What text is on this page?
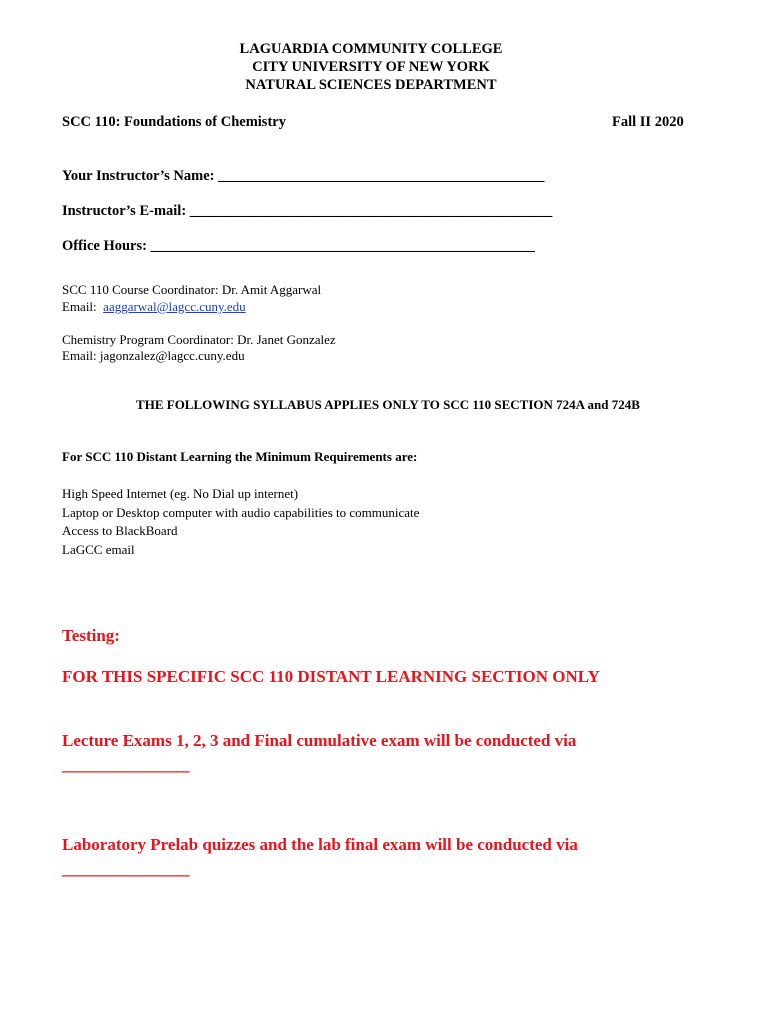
LAGUARDIA COMMUNITY COLLEGE
CITY UNIVERSITY OF NEW YORK
NATURAL SCIENCES DEPARTMENT
SCC 110: Foundations of Chemistry	Fall II 2020
Your Instructor’s Name: _____________________________________________
Instructor’s E-mail: __________________________________________________
Office Hours: _____________________________________________________
SCC 110 Course Coordinator: Dr. Amit Aggarwal
Email:  aaggarwal@lagcc.cuny.edu
Chemistry Program Coordinator: Dr. Janet Gonzalez
Email: jagonzalez@lagcc.cuny.edu
THE FOLLOWING SYLLABUS APPLIES ONLY TO SCC 110 SECTION 724A and 724B
For SCC 110 Distant Learning the Minimum Requirements are:
High Speed Internet (eg. No Dial up internet)
Laptop or Desktop computer with audio capabilities to communicate
Access to BlackBoard
LaGCC email
Testing:
FOR THIS SPECIFIC SCC 110 DISTANT LEARNING SECTION ONLY
Lecture Exams 1, 2, 3 and Final cumulative exam will be conducted via
_______________
Laboratory Prelab quizzes and the lab final exam will be conducted via
_______________
